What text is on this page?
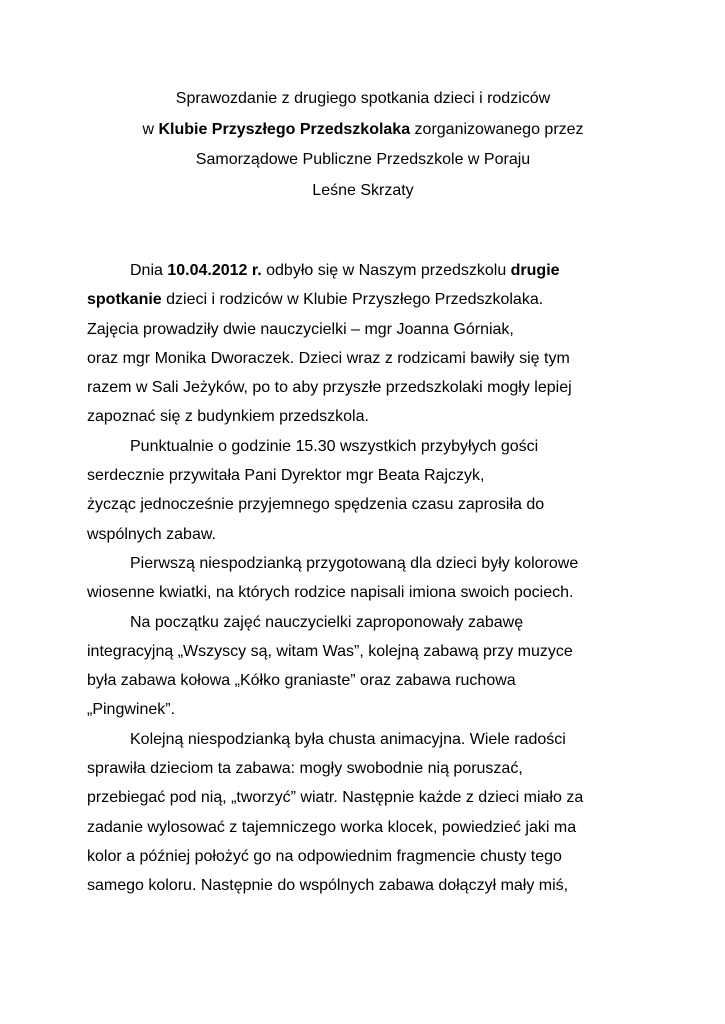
Sprawozdanie z drugiego spotkania dzieci i rodziców
w Klubie Przyszłego Przedszkolaka zorganizowanego przez
Samorządowe Publiczne Przedszkole w Poraju
Leśne Skrzaty
Dnia 10.04.2012 r. odbyło się w Naszym przedszkolu drugie
spotkanie dzieci i rodziców w Klubie Przyszłego Przedszkolaka.
Zajęcia prowadziły dwie nauczycielki – mgr Joanna Górniak,
oraz mgr Monika Dworaczek. Dzieci wraz z rodzicami bawiły się tym
razem w Sali Jeżyków, po to aby przyszłe przedszkolaki mogły lepiej
zapoznać się z budynkiem przedszkola.
Punktualnie o godzinie 15.30 wszystkich przybyłych gości
serdecznie przywitała Pani Dyrektor mgr Beata Rajczyk,
życząc jednocześnie przyjemnego spędzenia czasu zaprosiła do
wspólnych zabaw.
Pierwszą niespodzianką przygotowaną dla dzieci były kolorowe
wiosenne kwiatki, na których rodzice napisali imiona swoich pociech.
Na początku zajęć nauczycielki zaproponowały zabawę
integracyjną „Wszyscy są, witam Was”, kolejną zabawą przy muzyce
była zabawa kołowa „Kółko graniaste” oraz zabawa ruchowa
„Pingwinek”.
Kolejną niespodzianką była chusta animacyjna. Wiele radości
sprawiła dzieciom ta zabawa: mogły swobodnie nią poruszać,
przebiegać pod nią, „tworzyć” wiatr. Następnie każde z dzieci miało za
zadanie wylosować z tajemniczego worka klocek, powiedzieć jaki ma
kolor a później położyć go na odpowiednim fragmencie chusty tego
samego koloru. Następnie do wspólnych zabawa dołączył mały miś,
